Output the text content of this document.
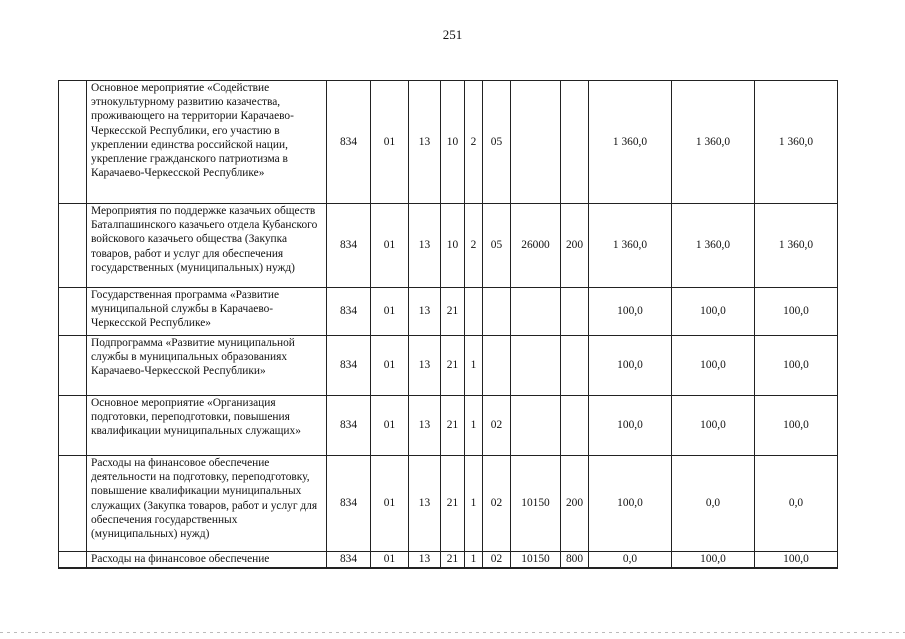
251
	Основное мероприятие «Содействие этнокультурному развитию казачества, проживающего на территории Карачаево-Черкесской Республики, его участию в укреплении единства российской нации, укрепление гражданского патриотизма в Карачаево-Черкесской Республике»	834	01	13	10	2	05			1 360,0	1 360,0	1 360,0
	Мероприятия по поддержке казачьих обществ Баталпашинского казачьего отдела Кубанского войскового казачьего общества (Закупка товаров, работ и услуг для обеспечения государственных (муниципальных) нужд)	834	01	13	10	2	05	26000	200	1 360,0	1 360,0	1 360,0
	Государственная программа «Развитие муниципальной службы в Карачаево-Черкесской Республике»	834	01	13	21					100,0	100,0	100,0
	Подпрограмма «Развитие муниципальной службы в муниципальных образованиях Карачаево-Черкесской Республики»	834	01	13	21	1				100,0	100,0	100,0
	Основное мероприятие «Организация подготовки, переподготовки, повышения квалификации муниципальных служащих»	834	01	13	21	1	02			100,0	100,0	100,0
	Расходы на финансовое обеспечение деятельности на подготовку, переподготовку, повышение квалификации муниципальных служащих (Закупка товаров, работ и услуг для обеспечения государственных (муниципальных) нужд)	834	01	13	21	1	02	10150	200	100,0	0,0	0,0
	Расходы на финансовое обеспечение	834	01	13	21	1	02	10150	800	0,0	100,0	100,0
